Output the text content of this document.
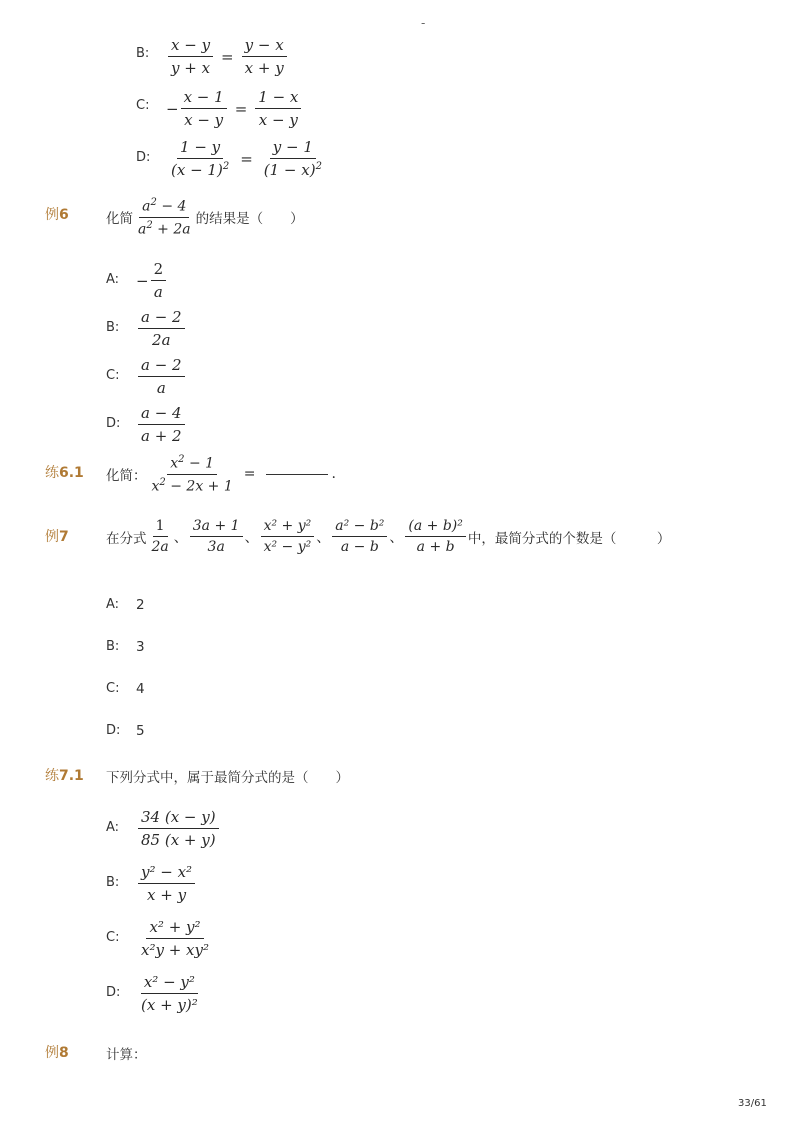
-
B: $\frac{x - y}{y + x} = \frac{y - x}{x + y}$
C: − $\frac{x - 1}{x - y} = \frac{1 - x}{x - y}$
D: $\frac{1 - y}{(x - 1)^2} = \frac{y - 1}{(1 - x)^2}$
例6	化简 $\frac{a^2 - 4}{a^2 + 2a}$ 的结果是（　　）
A: − $\frac{2}{a}$
B: $\frac{a - 2}{2a}$
C: $\frac{a - 2}{a}$
D: $\frac{a - 4}{a + 2}$
练6.1 化简： $\frac{x^2 - 1}{x^2 - 2x + 1}$ =	.
例7	在分式 $\frac{1}{2a}$ 、 $\frac{3a + 1}{3a}$ 、 $\frac{\text{x² + y²}}{\text{x² − y²}}$ 、 $\frac{\text{a² − b²}}{a - b}$ 、 $\frac{\text{(a + b)²}}{a + b}$ 中，最简分式的个数是（　　　）
A: 2
B: 3
C: 4
D: 5
练7.1 下列分式中，属于最简分式的是（　　）
A: $\frac{34 (x - y)}{85 (x + y)}$
B: $\frac{\text{y² − x²}}{x + y}$
C: $\frac{\text{x² + y²}}{\text{x²y + xy²}}$
D: $\frac{\text{x² − y²}}{\text{(x + y)²}}$
例8	计算：
33/61
